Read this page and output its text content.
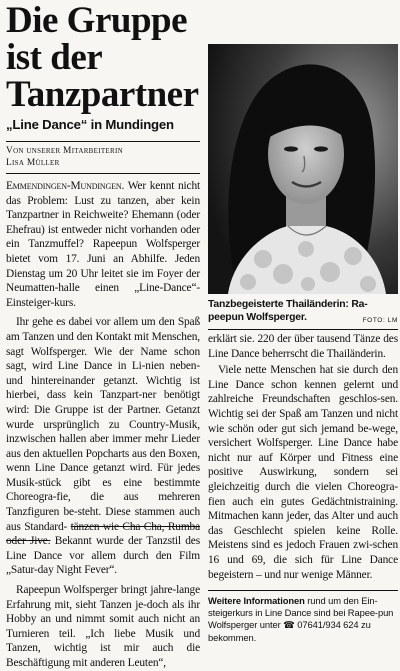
Die Gruppe
ist der
Tanzpartner
„Line Dance“ in Mundingen
Von unserer Mitarbeiterin
Lisa Müller

Emmendingen-Mundingen. Wer kennt nicht das Problem: Lust zu tanzen, aber kein Tanzpartner in Reichweite? Ehemann (oder Ehefrau) ist entweder nicht vorhanden oder ein Tanzmuffel? Rapeepun Wolfsperger bietet vom 17. Juni an Abhilfe. Jeden Dienstag um 20 Uhr leitet sie im Foyer der Neumatten-halle einen „Line-Dance“-Einsteiger-kurs.

Ihr gehe es dabei vor allem um den Spaß am Tanzen und den Kontakt mit Menschen, sagt Wolfsperger. Wie der Name schon sagt, wird Line Dance in Li-nien neben- und hintereinander getanzt. Wichtig ist hierbei, dass kein Tanzpart-ner benötigt wird: Die Gruppe ist der Partner. Getanzt wurde ursprünglich zu Country-Musik, inzwischen hallen aber immer mehr Lieder aus den aktuellen Popcharts aus den Boxen, wenn Line Dance getanzt wird. Für jedes Musik-stück gibt es eine bestimmte Choreogra-fie, die aus mehreren Tanzfiguren be-steht. Diese stammen auch aus Standard- tänzen wie Cha Cha, Rumba oder Jive. Bekannt wurde der Tanzstil des Line Dance vor allem durch den Film „Satur-day Night Fever“.

Rapeepun Wolfsperger bringt jahre-lange Erfahrung mit, sieht Tanzen je-doch als ihr Hobby an und nimmt somit auch nicht an Turnieren teil. „Ich liebe Musik und Tanzen, wichtig ist mir auch die Beschäftigung mit anderen Leuten“,

Tanzbegeisterte Thailänderin: Ra-peepun Wolfsperger.	FOTO: LM

erklärt sie. 220 der über tausend Tänze des Line Dance beherrscht die Thailänderin.

Viele nette Menschen hat sie durch den Line Dance schon kennen gelernt und zahlreiche Freundschaften geschlos-sen. Wichtig sei der Spaß am Tanzen und nicht wie schön oder gut sich jemand be-wege, versichert Wolfsperger. Line Dance habe nicht nur auf Körper und Fitness eine positive Auswirkung, sondern sei gleichzeitig durch die vielen Choreogra-fien auch ein gutes Gedächtnistraining. Mitmachen kann jeder, das Alter und auch das Geschlecht spielen keine Rolle. Meistens sind es jedoch Frauen zwi-schen 16 und 69, die sich für Line Dance begeistern – und nur wenige Männer.

Weitere Informationen rund um den Ein-steigerkurs in Line Dance sind bei Rapee-pun Wolfsperger unter ☎ 07641/934 624 zu bekommen.
